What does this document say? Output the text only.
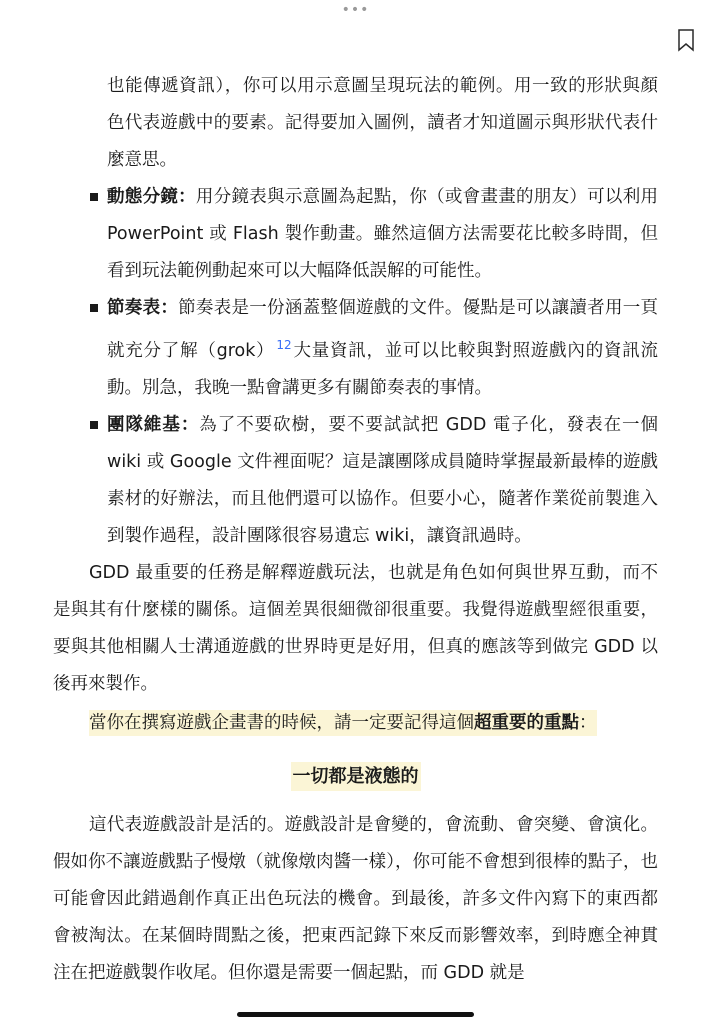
•••
也能傳遞資訊），你可以用示意圖呈現玩法的範例。用一致的形狀與顏色代表遊戲中的要素。記得要加入圖例，讀者才知道圖示與形狀代表什麼意思。
動態分鏡：用分鏡表與示意圖為起點，你（或會畫畫的朋友）可以利用 PowerPoint 或 Flash 製作動畫。雖然這個方法需要花比較多時間，但看到玩法範例動起來可以大幅降低誤解的可能性。
節奏表：節奏表是一份涵蓋整個遊戲的文件。優點是可以讓讀者用一頁就充分了解（grok） $^{12}$大量資訊，並可以比較與對照遊戲內的資訊流動。別急，我晚一點會講更多有關節奏表的事情。
團隊維基：為了不要砍樹，要不要試試把 GDD 電子化，發表在一個 wiki 或 Google 文件裡面呢？這是讓團隊成員隨時掌握最新最棒的遊戲素材的好辦法，而且他們還可以協作。但要小心，隨著作業從前製進入到製作過程，設計團隊很容易遺忘 wiki，讓資訊過時。
GDD 最重要的任務是解釋遊戲玩法，也就是角色如何與世界互動，而不是與其有什麼樣的關係。這個差異很細微卻很重要。我覺得遊戲聖經很重要，要與其他相關人士溝通遊戲的世界時更是好用，但真的應該等到做完 GDD 以後再來製作。
當你在撰寫遊戲企畫書的時候，請一定要記得這個超重要的重點：
一切都是液態的
這代表遊戲設計是活的。遊戲設計是會變的，會流動、會突變、會演化。假如你不讓遊戲點子慢燉（就像燉肉醬一樣），你可能不會想到很棒的點子，也可能會因此錯過創作真正出色玩法的機會。到最後，許多文件內寫下的東西都會被淘汰。在某個時間點之後，把東西記錄下來反而影響效率，到時應全神貫注在把遊戲製作收尾。但你還是需要一個起點，而 GDD 就是
